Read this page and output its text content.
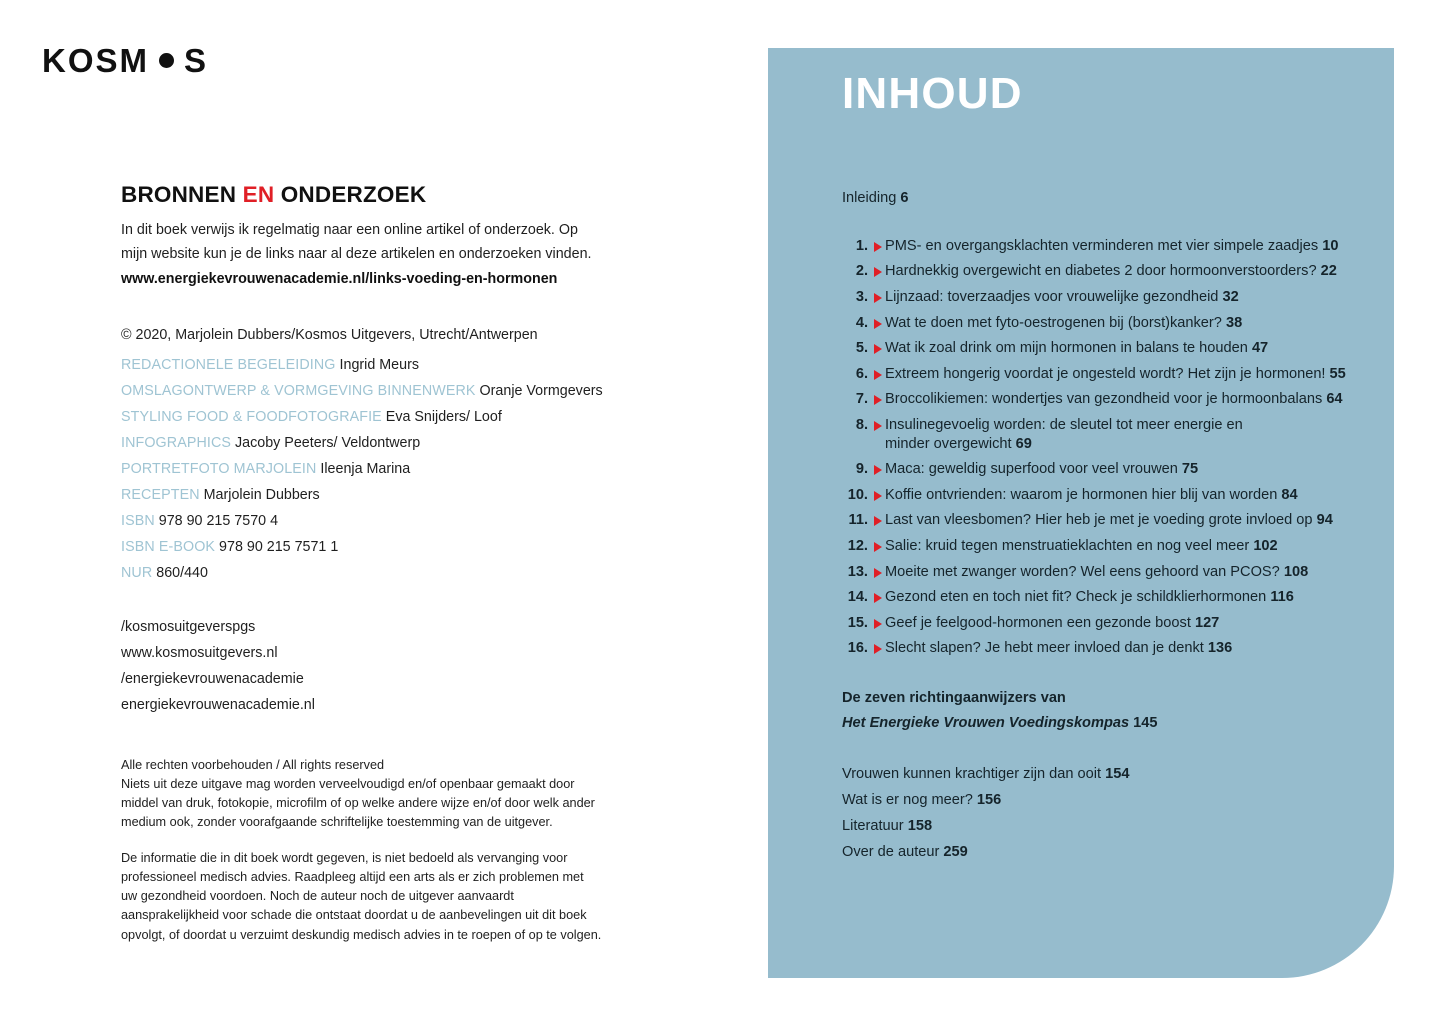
KOSM S
BRONNEN EN ONDERZOEK

In dit boek verwijs ik regelmatig naar een online artikel of onderzoek. Op mijn website kun je de links naar al deze artikelen en onderzoeken vinden.

www.energiekevrouwenacademie.nl/links-voeding-en-hormonen

© 2020, Marjolein Dubbers/Kosmos Uitgevers, Utrecht/Antwerpen
REDACTIONELE BEGELEIDING Ingrid Meurs
OMSLAGONTWERP & VORMGEVING BINNENWERK Oranje Vormgevers
STYLING FOOD & FOODFOTOGRAFIE Eva Snijders/ Loof
INFOGRAPHICS Jacoby Peeters/ Veldontwerp
PORTRETFOTO MARJOLEIN Ileenja Marina
RECEPTEN Marjolein Dubbers
ISBN 978 90 215 7570 4
ISBN E-BOOK 978 90 215 7571 1
NUR 860/440
/kosmosuitgeverspgs
www.kosmosuitgevers.nl
/energiekevrouwenacademie
energiekevrouwenacademie.nl

Alle rechten voorbehouden / All rights reserved

Niets uit deze uitgave mag worden verveelvoudigd en/of openbaar gemaakt door middel van druk, fotokopie, microfilm of op welke andere wijze en/of door welk ander medium ook, zonder voorafgaande schriftelijke toestemming van de uitgever.

De informatie die in dit boek wordt gegeven, is niet bedoeld als vervanging voor professioneel medisch advies. Raadpleeg altijd een arts als er zich problemen met uw gezondheid voordoen. Noch de auteur noch de uitgever aanvaardt aansprakelijkheid voor schade die ontstaat doordat u de aanbevelingen uit dit boek opvolgt, of doordat u verzuimt deskundig medisch advies in te roepen of op te volgen.

INHOUD

Inleiding 6

1. PMS- en overgangsklachten verminderen met vier simpele zaadjes 10
2. Hardnekkig overgewicht en diabetes 2 door hormoonverstoorders? 22
3. Lijnzaad: toverzaadjes voor vrouwelijke gezondheid 32
4. Wat te doen met fyto-oestrogenen bij (borst)kanker? 38
5. Wat ik zoal drink om mijn hormonen in balans te houden 47
6. Extreem hongerig voordat je ongesteld wordt? Het zijn je hormonen! 55
7. Broccolikiemen: wondertjes van gezondheid voor je hormoonbalans 64
8. Insulinegevoelig worden: de sleutel tot meer energie en minder overgewicht 69
9. Maca: geweldig superfood voor veel vrouwen 75
10. Koffie ontvrienden: waarom je hormonen hier blij van worden 84
11. Last van vleesbomen? Hier heb je met je voeding grote invloed op 94
12. Salie: kruid tegen menstruatieklachten en nog veel meer 102
13. Moeite met zwanger worden? Wel eens gehoord van PCOS? 108
14. Gezond eten en toch niet fit? Check je schildklierhormonen 116
15. Geef je feelgood-hormonen een gezonde boost 127
16. Slecht slapen? Je hebt meer invloed dan je denkt 136
De zeven richtingaanwijzers van
Het Energieke Vrouwen Voedingskompas 145
Vrouwen kunnen krachtiger zijn dan ooit 154
Wat is er nog meer? 156
Literatuur 158
Over de auteur 259
